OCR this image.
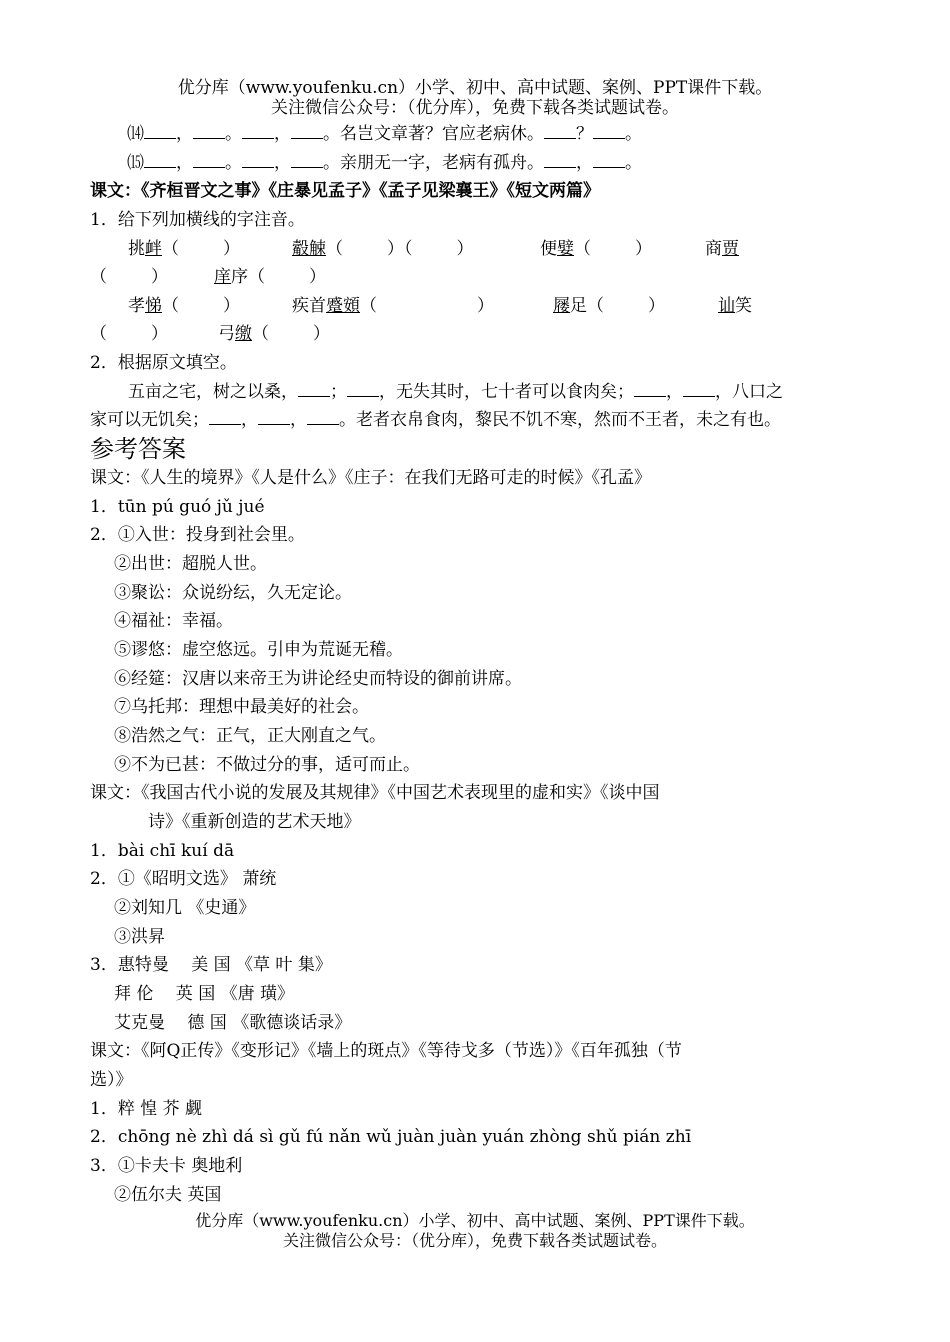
优分库（www.youfenku.cn）小学、初中、高中试题、案例、PPT课件下载。
关注微信公众号：（优分库），免费下载各类试题试卷。
⒁ ， 。 ， 。名岂文章著？官应老病休。 ？ 。
⒂ ， 。 ， 。亲朋无一字，老病有孤舟。 ， 。
课文：《齐桓晋文之事》《庄暴见孟子》《孟子见梁襄王》《短文两篇》
1．给下列加横线的字注音。
挑衅（	）	觳觫（	）（	）	便嬖（	）	商贾
（	）	庠序（	）
孝悌（	）	疾首蹙頞（	）	屦足（	）	讪笑
（	）	弓缴（	）
2．根据原文填空。
五亩之宅，树之以桑， ； ，无失其时，七十者可以食肉矣； ， ，八口之
家可以无饥矣； ， ， 。老者衣帛食肉，黎民不饥不寒，然而不王者，未之有也。
参考答案
课文：《人生的境界》《人是什么》《庄子：在我们无路可走的时候》《孔孟》
1．tūn pú guó jǔ jué
2．①入世：投身到社会里。
②出世：超脱人世。
③聚讼：众说纷纭，久无定论。
④福祉：幸福。
⑤谬悠：虚空悠远。引申为荒诞无稽。
⑥经筵：汉唐以来帝王为讲论经史而特设的御前讲席。
⑦乌托邦：理想中最美好的社会。
⑧浩然之气：正气，正大刚直之气。
⑨不为已甚：不做过分的事，适可而止。
课文：《我国古代小说的发展及其规律》《中国艺术表现里的虚和实》《谈中国
诗》《重新创造的艺术天地》
1．bài chī kuí dā
2．①《昭明文选》 萧统
②刘知几 《史通》
③洪昇
3．惠特曼　 美 国 《草 叶 集》
拜 伦　 英 国 《唐 璜》
艾克曼　 德 国 《歌德谈话录》
课文：《阿Q正传》《变形记》《墙上的斑点》《等待戈多（节选）》《百年孤独（节
选）》
1．粹 惶 芥 觑
2．chōng nè zhì dá sì gǔ fú nǎn wǔ juàn juàn yuán zhòng shǔ pián zhī
3．①卡夫卡 奥地利
②伍尔夫 英国
优分库（www.youfenku.cn）小学、初中、高中试题、案例、PPT课件下载。
关注微信公众号：（优分库），免费下载各类试题试卷。
